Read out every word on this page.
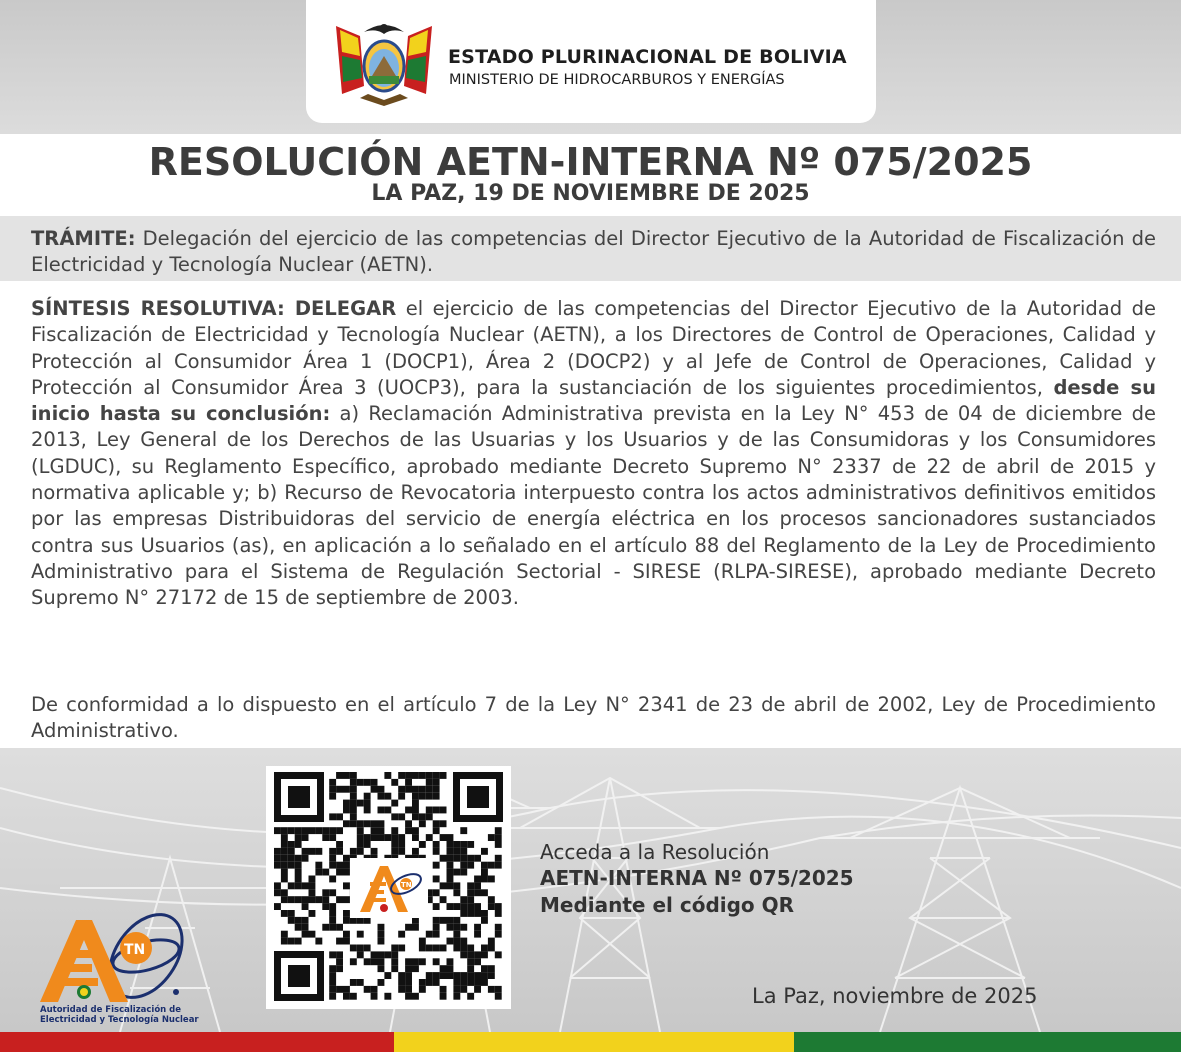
ESTADO PLURINACIONAL DE BOLIVIA
MINISTERIO DE HIDROCARBUROS Y ENERGÍAS
RESOLUCIÓN AETN-INTERNA Nº 075/2025
LA PAZ, 19 DE NOVIEMBRE DE 2025

TRÁMITE: Delegación del ejercicio de las competencias del Director Ejecutivo de la Autoridad de Fiscalización de Electricidad y Tecnología Nuclear (AETN).

SÍNTESIS RESOLUTIVA: DELEGAR el ejercicio de las competencias del Director Ejecutivo de la Autoridad de Fiscalización de Electricidad y Tecnología Nuclear (AETN), a los Directores de Control de Operaciones, Calidad y Protección al Consumidor Área 1 (DOCP1), Área 2 (DOCP2) y al Jefe de Control de Operaciones, Calidad y Protección al Consumidor Área 3 (UOCP3), para la sustanciación de los siguientes procedimientos, desde su inicio hasta su conclusión: a) Reclamación Administrativa prevista en la Ley N° 453 de 04 de diciembre de 2013, Ley General de los Derechos de las Usuarias y los Usuarios y de las Consumidoras y los Consumidores (LGDUC), su Reglamento Específico, aprobado mediante Decreto Supremo N° 2337 de 22 de abril de 2015 y normativa aplicable y; b) Recurso de Revocatoria interpuesto contra los actos administrativos definitivos emitidos por las empresas Distribuidoras del servicio de energía eléctrica en los procesos sancionadores sustanciados contra sus Usuarios (as), en aplicación a lo señalado en el artículo 88 del Reglamento de la Ley de Procedimiento Administrativo para el Sistema de Regulación Sectorial - SIRESE (RLPA-SIRESE), aprobado mediante Decreto Supremo N° 27172 de 15 de septiembre de 2003.

De conformidad a lo dispuesto en el artículo 7 de la Ley N° 2341 de 23 de abril de 2002, Ley de Procedimiento Administrativo.

TN
Acceda a la Resolución
AETN-INTERNA Nº 075/2025
Mediante el código QR
La Paz, noviembre de 2025
TN
Autoridad de Fiscalización de
Electricidad y Tecnología Nuclear
